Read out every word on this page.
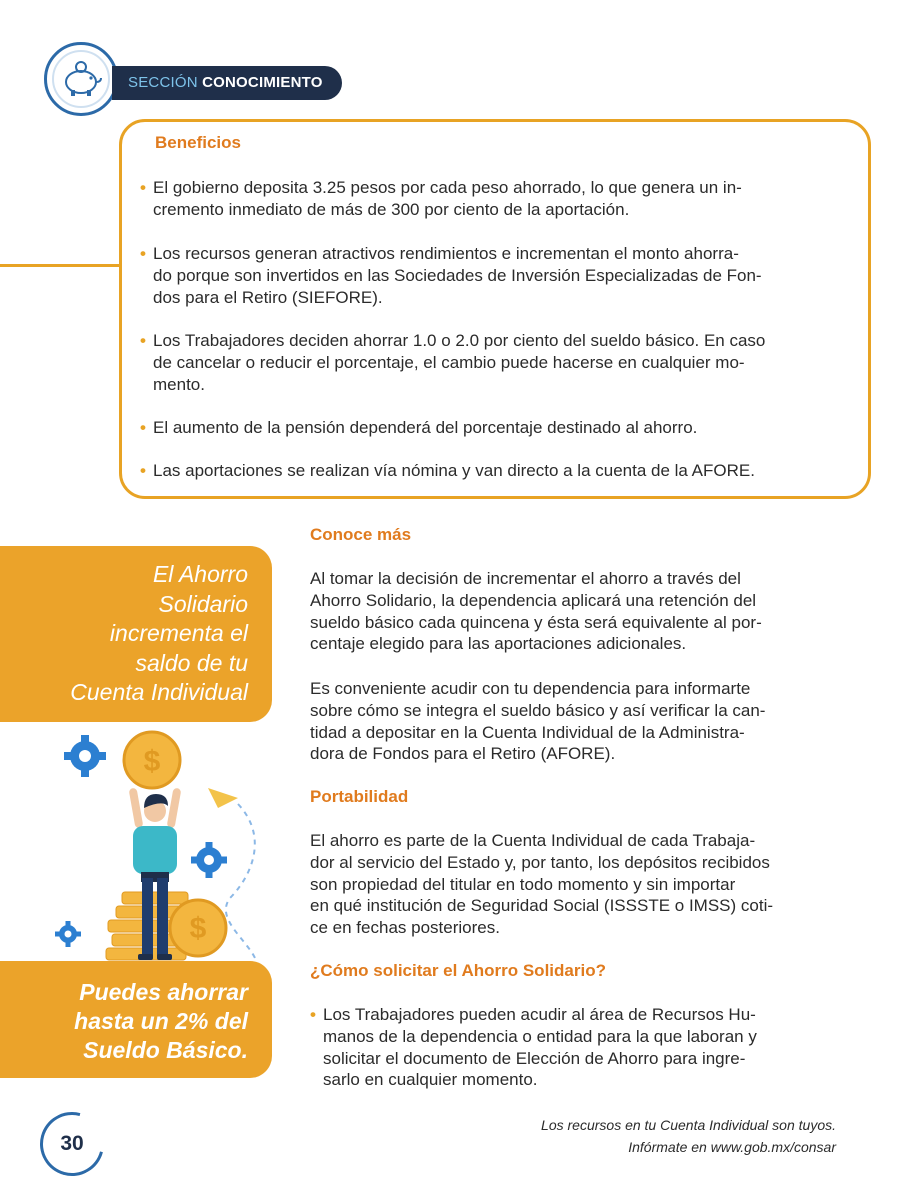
SECCIÓN CONOCIMIENTO
Beneficios
• El gobierno deposita 3.25 pesos por cada peso ahorrado, lo que genera un in-
cremento inmediato de más de 300 por ciento de la aportación.
• Los recursos generan atractivos rendimientos e incrementan el monto ahorra-
do porque son invertidos en las Sociedades de Inversión Especializadas de Fon-
dos para el Retiro (SIEFORE).
• Los Trabajadores deciden ahorrar 1.0 o 2.0 por ciento del sueldo básico. En caso
de cancelar o reducir el porcentaje, el cambio puede hacerse en cualquier mo-
mento.
• El aumento de la pensión dependerá del porcentaje destinado al ahorro.
• Las aportaciones se realizan vía nómina y van directo a la cuenta de la AFORE.
El Ahorro
Solidario
incrementa el
saldo de tu
Cuenta Individual
$
$
Puedes ahorrar
hasta un 2% del
Sueldo Básico.
Conoce más
Al tomar la decisión de incrementar el ahorro a través del
Ahorro Solidario, la dependencia aplicará una retención del
sueldo básico cada quincena y ésta será equivalente al por-
centaje elegido para las aportaciones adicionales.
Es conveniente acudir con tu dependencia para informarte
sobre cómo se integra el sueldo básico y así verificar la can-
tidad a depositar en la Cuenta Individual de la Administra-
dora de Fondos para el Retiro (AFORE).
Portabilidad
El ahorro es parte de la Cuenta Individual de cada Trabaja-
dor al servicio del Estado y, por tanto, los depósitos recibidos
son propiedad del titular en todo momento y sin importar
en qué institución de Seguridad Social (ISSSTE o IMSS) coti-
ce en fechas posteriores.
¿Cómo solicitar el Ahorro Solidario?
• Los Trabajadores pueden acudir al área de Recursos Hu-
manos de la dependencia o entidad para la que laboran y
solicitar el documento de Elección de Ahorro para ingre-
sarlo en cualquier momento.
30
Los recursos en tu Cuenta Individual son tuyos.
Infórmate en www.gob.mx/consar
